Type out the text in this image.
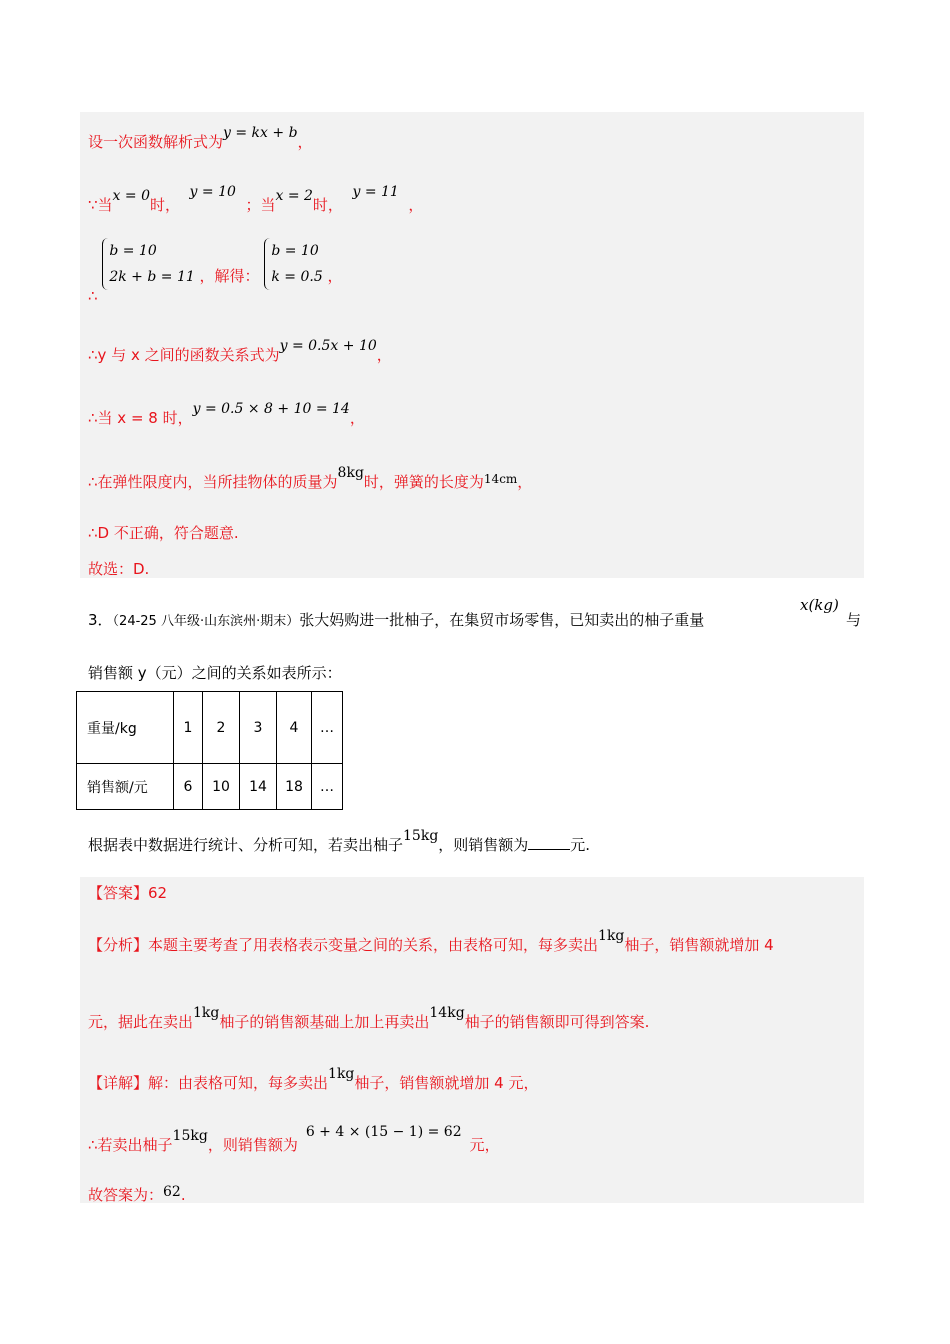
设一次函数解析式为y = kx + b，
∵当x = 0时，  y = 10  ；当x = 2时，  y = 11  ，
∴ b = 10
2k + b = 11 ，解得： b = 10
k = 0.5 ，
∴y 与 x 之间的函数关系式为y = 0.5x + 10，
∴当 x = 8 时，y = 0.5 × 8 + 10 = 14，
∴在弹性限度内，当所挂物体的质量为8kg时，弹簧的长度为$^{14cm}$，
∴D 不正确，符合题意.
故选：D.
3．（24-25 八年级·山东滨州·期末）张大妈购进一批柚子，在集贸市场零售，已知卖出的柚子重量
x(kg)
与
销售额 y（元）之间的关系如表所示：
重量/kg	1	2	3	4	…
销售额/元	6	10	14	18	…
根据表中数据进行统计、分析可知，若卖出柚子15kg，则销售额为	元.
【答案】62
【分析】本题主要考查了用表格表示变量之间的关系，由表格可知，每多卖出1kg柚子，销售额就增加 4
元，据此在卖出1kg柚子的销售额基础上加上再卖出14kg柚子的销售额即可得到答案.
【详解】解：由表格可知，每多卖出1kg柚子，销售额就增加 4 元，
∴若卖出柚子15kg，则销售额为6 + 4 × (15 − 1) = 62元，
故答案为：62.
